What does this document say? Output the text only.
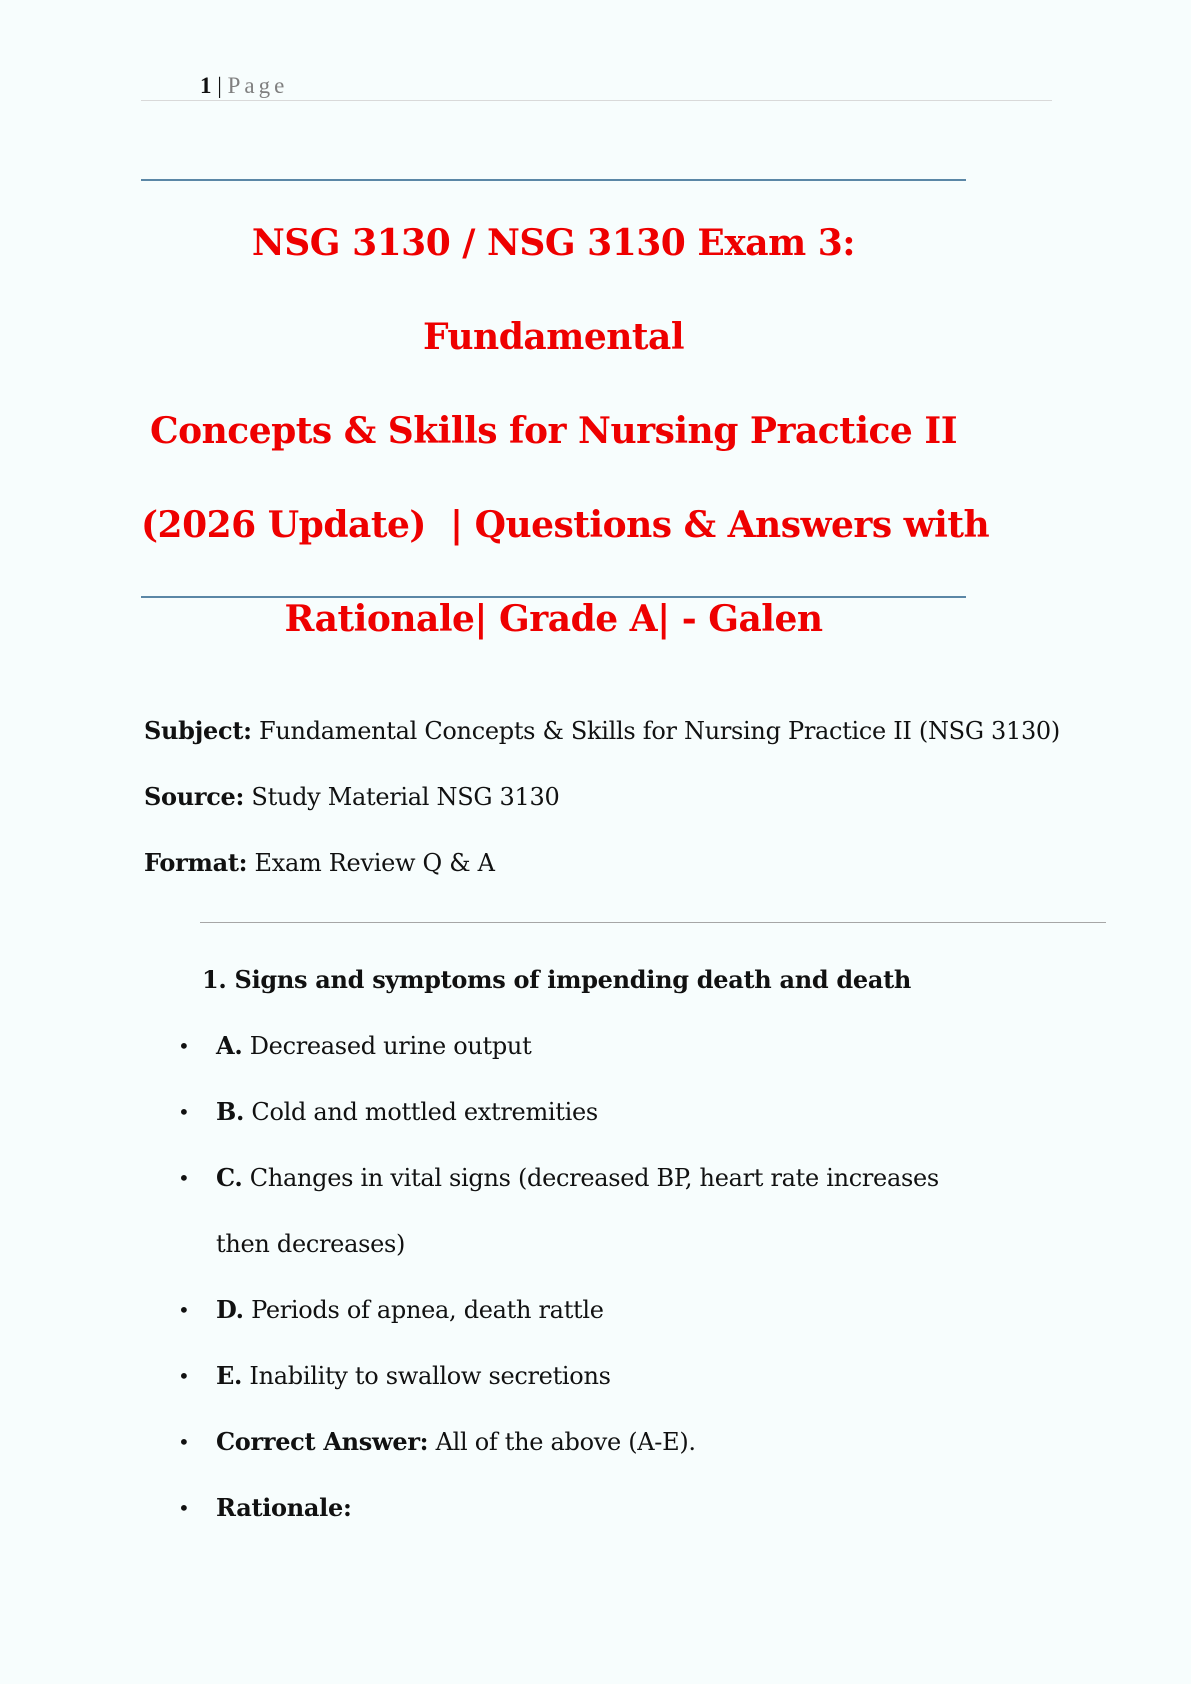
1 | Page
NSG 3130 / NSG 3130 Exam 3: Fundamental
Concepts & Skills for Nursing Practice II
(2026 Update)  | Questions & Answers with
Rationale| Grade A| - Galen
Subject: Fundamental Concepts & Skills for Nursing Practice II (NSG 3130)
Source: Study Material NSG 3130
Format: Exam Review Q & A

1. Signs and symptoms of impending death and death

• A. Decreased urine output
• B. Cold and mottled extremities
• C. Changes in vital signs (decreased BP, heart rate increases then decreases)
• D. Periods of apnea, death rattle
• E. Inability to swallow secretions
• Correct Answer: All of the above (A-E).
• Rationale:
